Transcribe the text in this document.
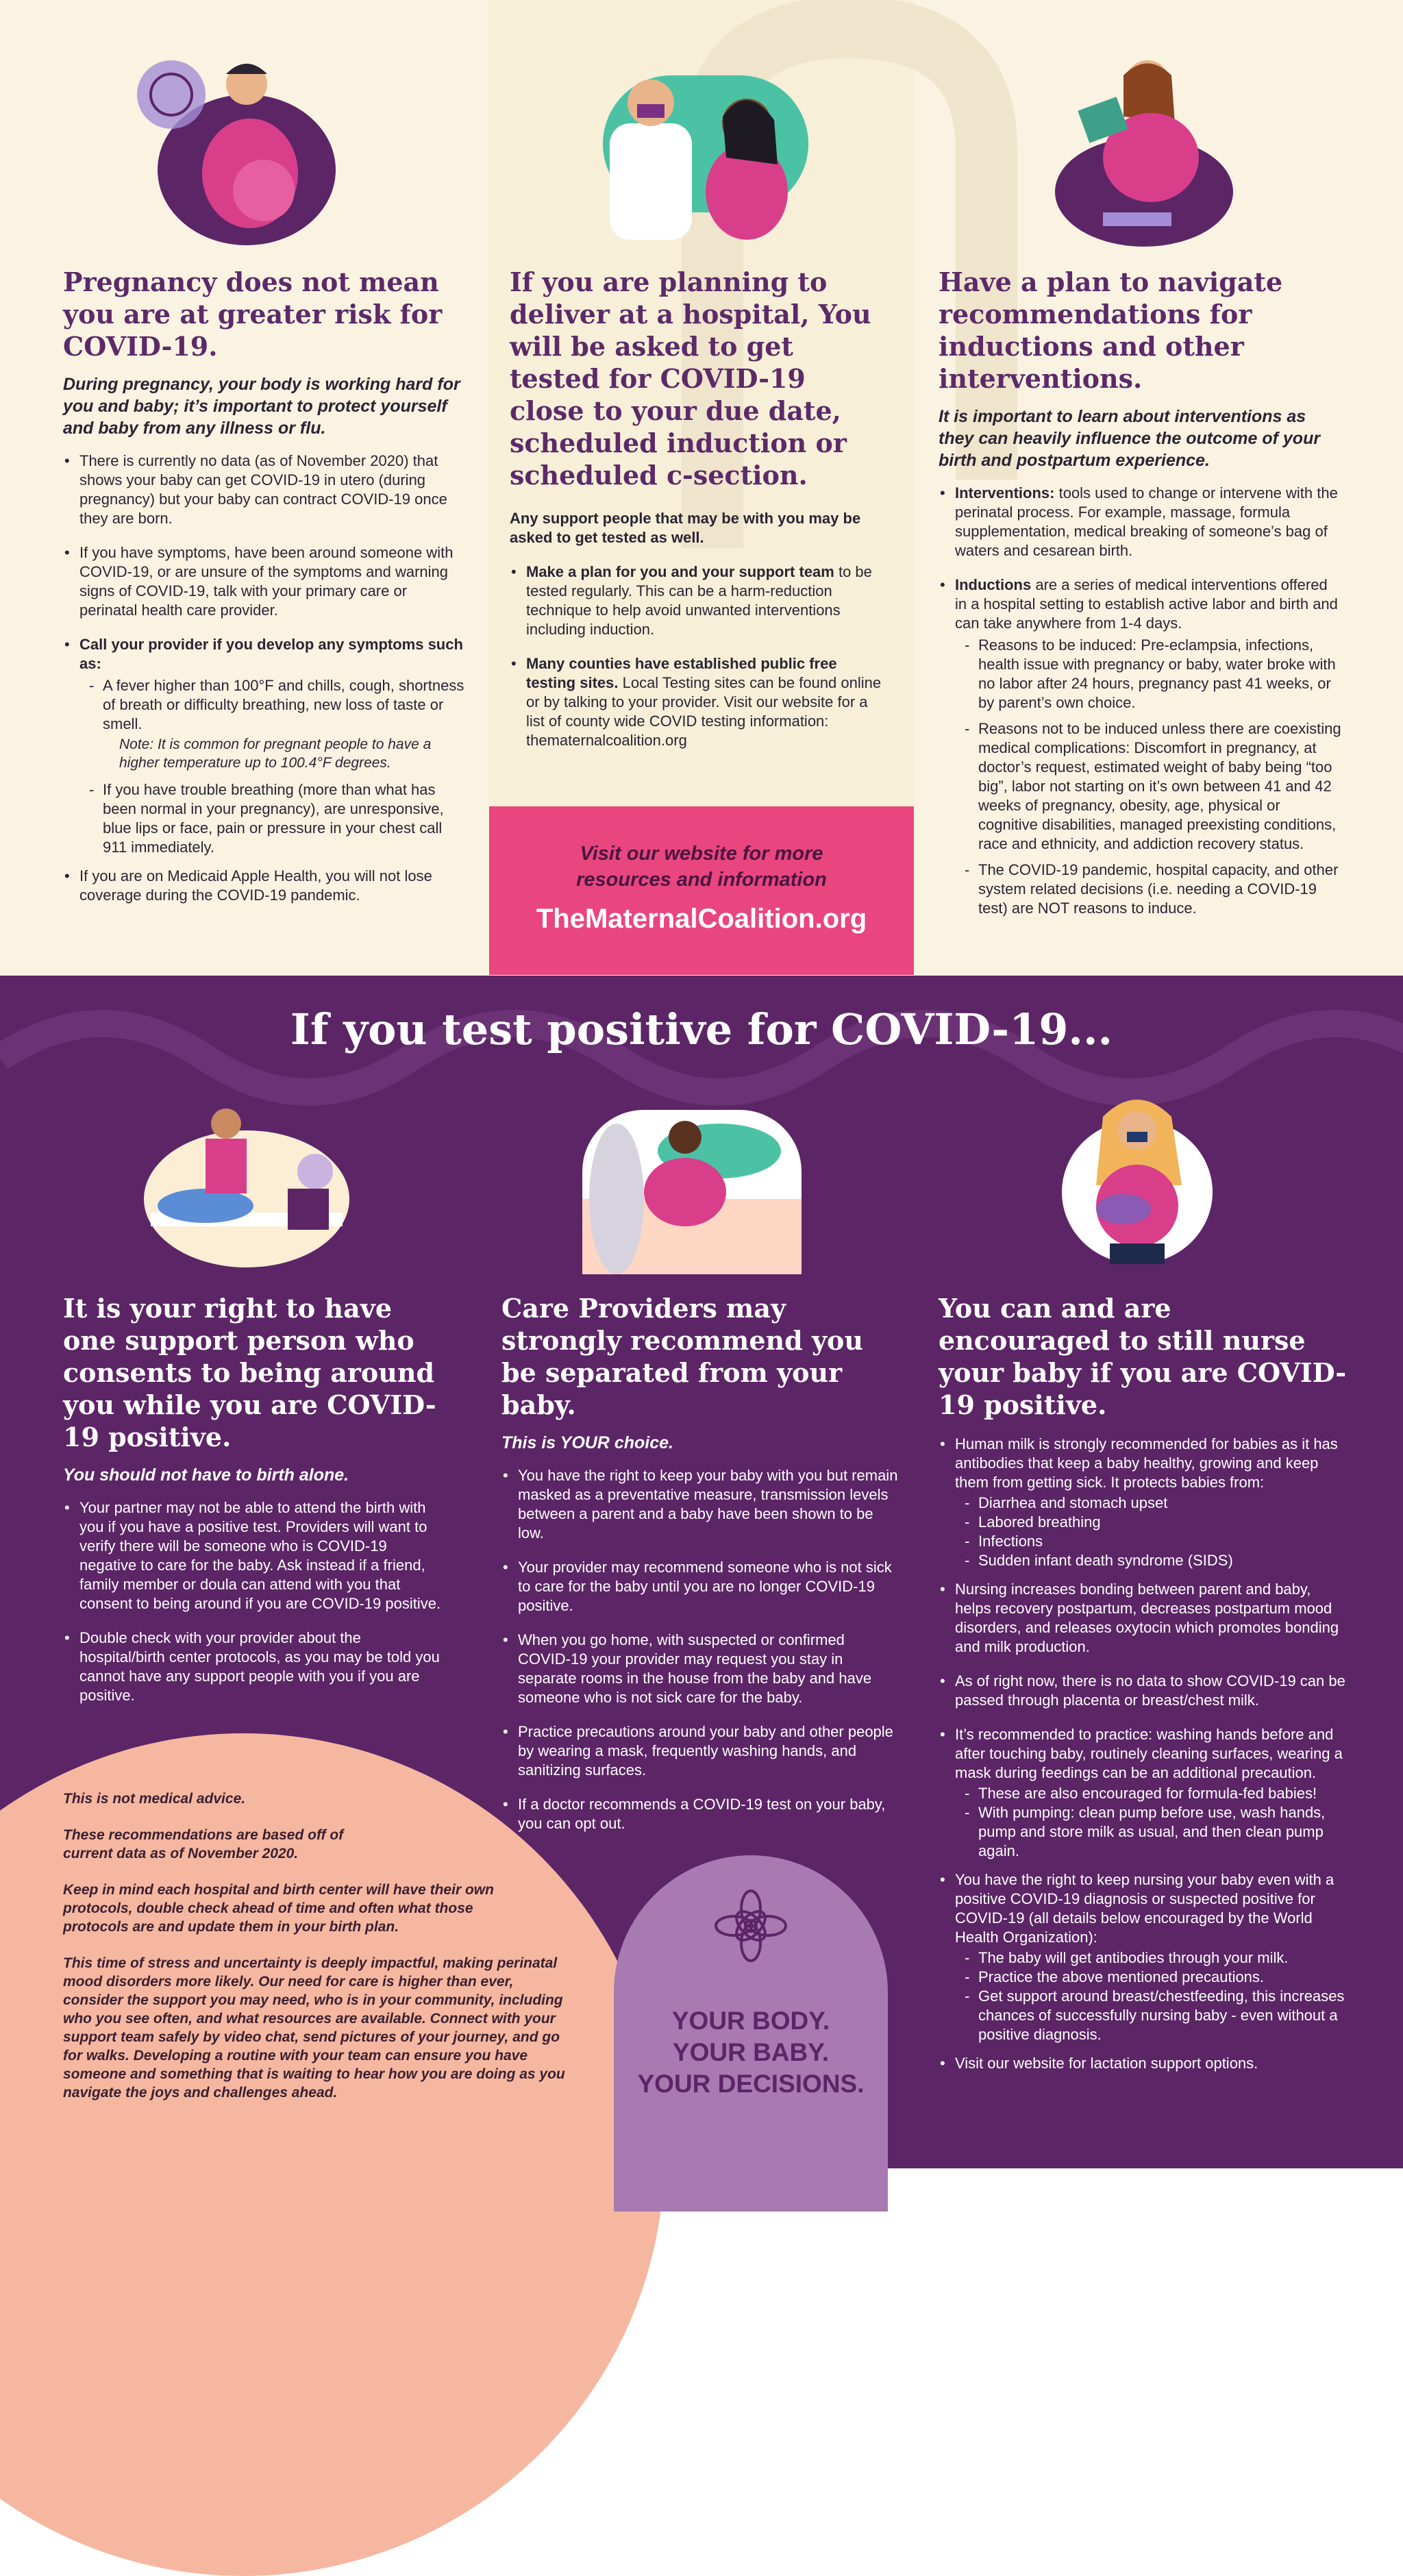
Pregnancy does not mean you are at greater risk for COVID-19.

During pregnancy, your body is working hard for you and baby; it’s important to protect yourself and baby from any illness or flu.

• There is currently no data (as of November 2020) that shows your baby can get COVID-19 in utero (during pregnancy) but your baby can contract COVID-19 once they are born.
• If you have symptoms, have been around someone with COVID-19, or are unsure of the symptoms and warning signs of COVID-19, talk with your primary care or perinatal health care provider.
• Call your provider if you develop any symptoms such as:
- A fever higher than 100°F and chills, cough, shortness of breath or difficulty breathing, new loss of taste or smell.

Note: It is common for pregnant people to have a higher temperature up to 100.4°F degrees.

- If you have trouble breathing (more than what has been normal in your pregnancy), are unresponsive, blue lips or face, pain or pressure in your chest call 911 immediately.
• If you are on Medicaid Apple Health, you will not lose coverage during the COVID-19 pandemic.
If you are planning to deliver at a hospital, You will be asked to get tested for COVID-19 close to your due date, scheduled induction or scheduled c-section.

Any support people that may be with you may be asked to get tested as well.

• Make a plan for you and your support team to be tested regularly. This can be a harm-reduction technique to help avoid unwanted interventions including induction.
• Many counties have established public free testing sites. Local Testing sites can be found online or by talking to your provider. Visit our website for a list of county wide COVID testing information: thematernalcoalition.org
Visit our website for more resources and information
TheMaternalCoalition.org
Have a plan to navigate recommendations for inductions and other interventions.

It is important to learn about interventions as they can heavily influence the outcome of your birth and postpartum experience.

• Interventions: tools used to change or intervene with the perinatal process. For example, massage, formula supplementation, medical breaking of someone’s bag of waters and cesarean birth.
• Inductions are a series of medical interventions offered in a hospital setting to establish active labor and birth and can take anywhere from 1-4 days.
- Reasons to be induced: Pre-eclampsia, infections, health issue with pregnancy or baby, water broke with no labor after 24 hours, pregnancy past 41 weeks, or by parent’s own choice.
- Reasons not to be induced unless there are coexisting medical complications: Discomfort in pregnancy, at doctor’s request, estimated weight of baby being “too big”, labor not starting on it’s own between 41 and 42 weeks of pregnancy, obesity, age, physical or cognitive disabilities, managed preexisting conditions, race and ethnicity, and addiction recovery status.
- The COVID-19 pandemic, hospital capacity, and other system related decisions (i.e. needing a COVID-19 test) are NOT reasons to induce.
If you test positive for COVID-19...
It is your right to have one support person who consents to being around you while you are COVID-19 positive.

You should not have to birth alone.

• Your partner may not be able to attend the birth with you if you have a positive test. Providers will want to verify there will be someone who is COVID-19 negative to care for the baby. Ask instead if a friend, family member or doula can attend with you that consent to being around if you are COVID-19 positive.
• Double check with your provider about the hospital/birth center protocols, as you may be told you cannot have any support people with you if you are positive.
Care Providers may strongly recommend you be separated from your baby.

This is YOUR choice.

• You have the right to keep your baby with you but remain masked as a preventative measure, transmission levels between a parent and a baby have been shown to be low.
• Your provider may recommend someone who is not sick to care for the baby until you are no longer COVID-19 positive.
• When you go home, with suspected or confirmed COVID-19 your provider may request you stay in separate rooms in the house from the baby and have someone who is not sick care for the baby.
• Practice precautions around your baby and other people by wearing a mask, frequently washing hands, and sanitizing surfaces.
• If a doctor recommends a COVID-19 test on your baby, you can opt out.

This is not medical advice.

These recommendations are based off of current data as of November 2020.

Keep in mind each hospital and birth center will have their own protocols, double check ahead of time and often what those protocols are and update them in your birth plan.

This time of stress and uncertainty is deeply impactful, making perinatal mood disorders more likely. Our need for care is higher than ever, consider the support you may need, who is in your community, including who you see often, and what resources are available. Connect with your support team safely by video chat, send pictures of your journey, and go for walks. Developing a routine with your team can ensure you have someone and something that is waiting to hear how you are doing as you navigate the joys and challenges ahead.

YOUR BODY.
YOUR BABY.
YOUR DECISIONS.
You can and are encouraged to still nurse your baby if you are COVID-19 positive.
• Human milk is strongly recommended for babies as it has antibodies that keep a baby healthy, growing and keep them from getting sick. It protects babies from:
- Diarrhea and stomach upset
- Labored breathing
- Infections
- Sudden infant death syndrome (SIDS)
• Nursing increases bonding between parent and baby, helps recovery postpartum, decreases postpartum mood disorders, and releases oxytocin which promotes bonding and milk production.
• As of right now, there is no data to show COVID-19 can be passed through placenta or breast/chest milk.
• It’s recommended to practice: washing hands before and after touching baby, routinely cleaning surfaces, wearing a mask during feedings can be an additional precaution.
- These are also encouraged for formula-fed babies!
- With pumping: clean pump before use, wash hands, pump and store milk as usual, and then clean pump again.
• You have the right to keep nursing your baby even with a positive COVID-19 diagnosis or suspected positive for COVID-19 (all details below encouraged by the World Health Organization):
- The baby will get antibodies through your milk.
- Practice the above mentioned precautions.
- Get support around breast/chestfeeding, this increases chances of successfully nursing baby - even without a positive diagnosis.
• Visit our website for lactation support options.
